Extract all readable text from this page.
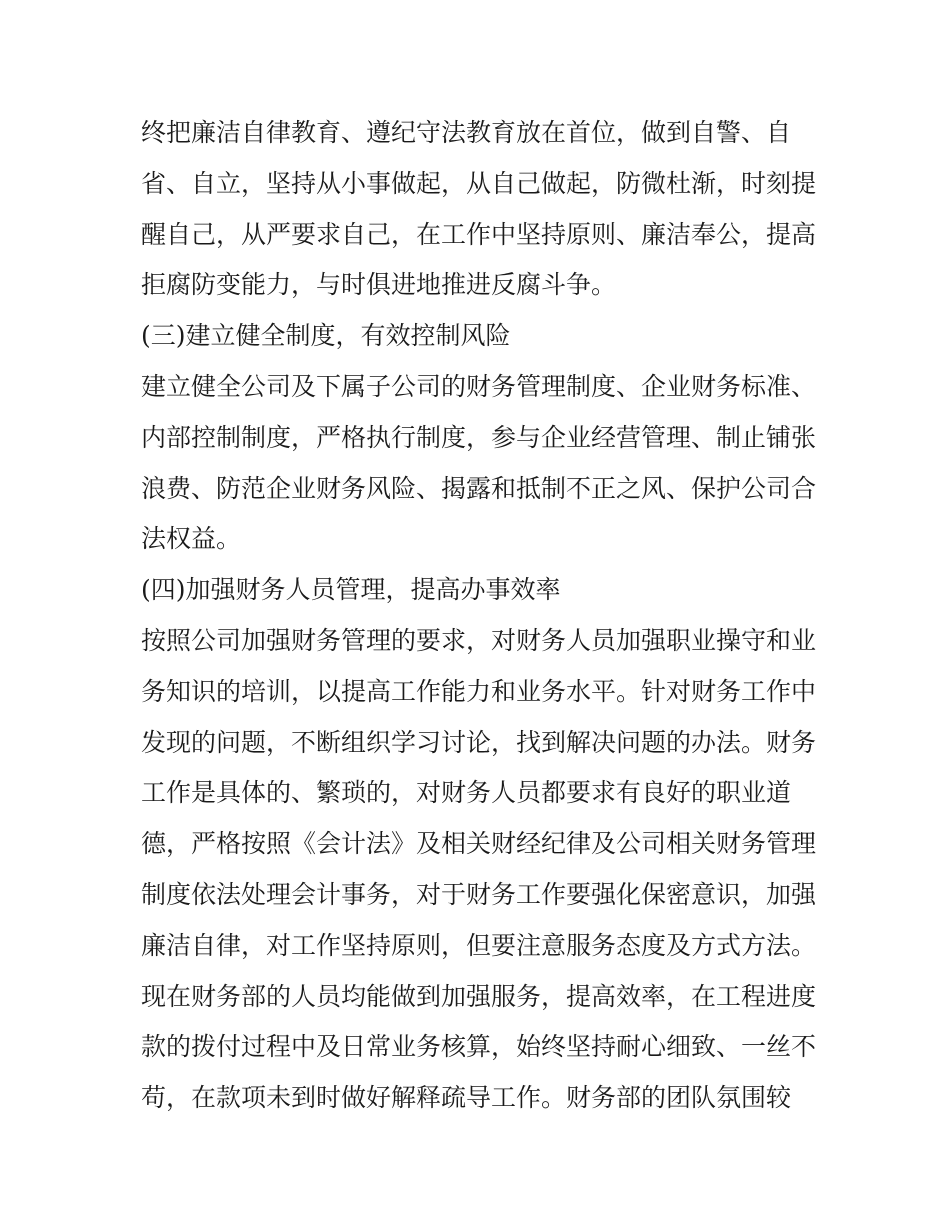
终把廉洁自律教育、遵纪守法教育放在首位，做到自警、自
省、自立，坚持从小事做起，从自己做起，防微杜渐，时刻提
醒自己，从严要求自己，在工作中坚持原则、廉洁奉公，提高
拒腐防变能力，与时俱进地推进反腐斗争。
(三)建立健全制度，有效控制风险
建立健全公司及下属子公司的财务管理制度、企业财务标准、
内部控制制度，严格执行制度，参与企业经营管理、制止铺张
浪费、防范企业财务风险、揭露和抵制不正之风、保护公司合
法权益。
(四)加强财务人员管理，提高办事效率
按照公司加强财务管理的要求，对财务人员加强职业操守和业
务知识的培训，以提高工作能力和业务水平。针对财务工作中
发现的问题，不断组织学习讨论，找到解决问题的办法。财务
工作是具体的、繁琐的，对财务人员都要求有良好的职业道
德，严格按照《会计法》及相关财经纪律及公司相关财务管理
制度依法处理会计事务，对于财务工作要强化保密意识，加强
廉洁自律，对工作坚持原则，但要注意服务态度及方式方法。
现在财务部的人员均能做到加强服务，提高效率，在工程进度
款的拨付过程中及日常业务核算，始终坚持耐心细致、一丝不
苟，在款项未到时做好解释疏导工作。财务部的团队氛围较
